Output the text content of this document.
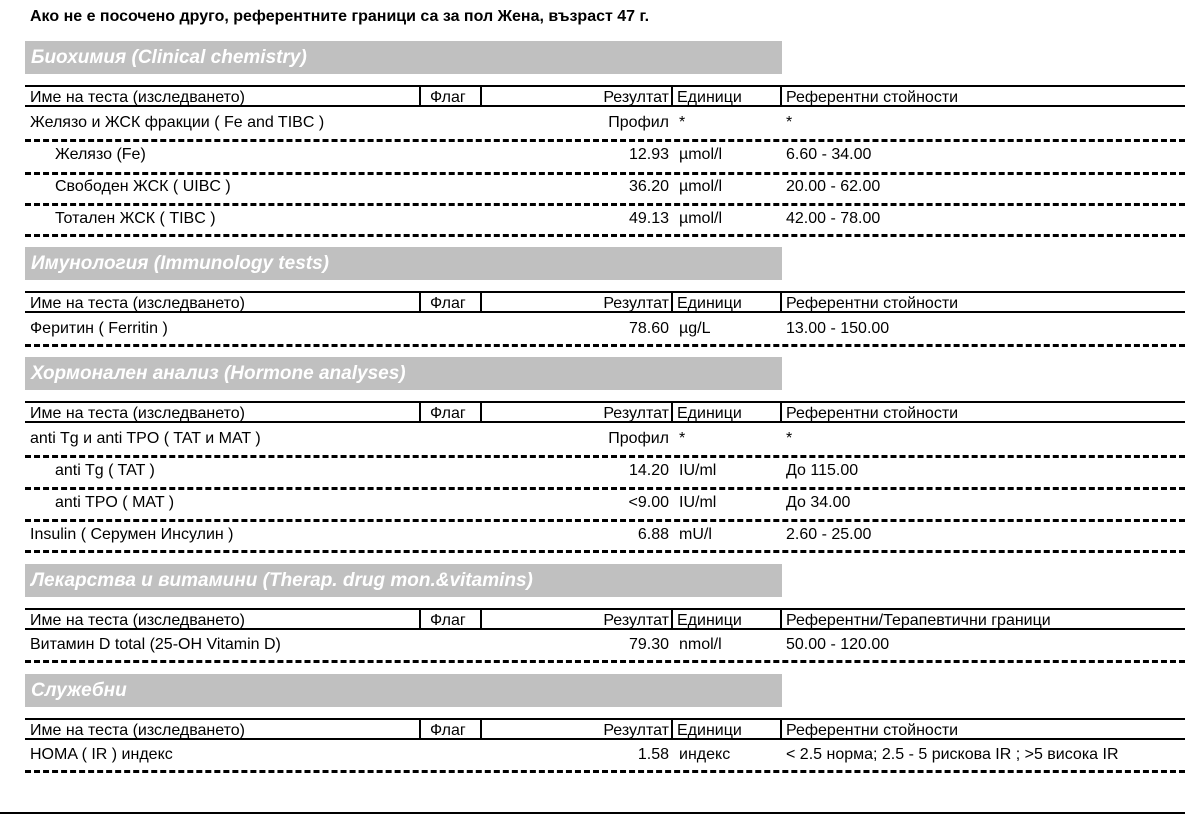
Ако не е посочено друго, референтните граници са за пол Жена, възраст 47 г.
Биохимия (Clinical chemistry)
Име на теста (изследването)	Флаг	Резултат Единици	Референтни стойности
Желязо и ЖСК фракции ( Fe and TIBC )	Профил *	*
Желязо (Fe)	12.93 µmol/l	6.60 - 34.00
Свободен ЖСК ( UIBC )	36.20 µmol/l	20.00 - 62.00
Тотален ЖСК ( TIBC )	49.13 µmol/l	42.00 - 78.00
Имунология (Immunology tests)
Име на теста (изследването)	Флаг	Резултат Единици	Референтни стойности
Феритин ( Ferritin )	78.60 µg/L	13.00 - 150.00
Хормонален анализ (Hormone analyses)
Име на теста (изследването)	Флаг	Резултат Единици	Референтни стойности
anti Tg и anti TPO ( TAT и MAT )	Профил *	*
anti Tg ( TAT )	14.20 IU/ml	До 115.00
anti TPO ( MAT )	<9.00 IU/ml	До 34.00
Insulin ( Серумен Инсулин )	6.88 mU/l	2.60 - 25.00
Лекарства и витамини (Therap. drug mon.&vitamins)
Име на теста (изследването)	Флаг	Резултат Единици	Референтни/Терапевтични граници
Витамин D total (25-OH Vitamin D)	79.30 nmol/l	50.00 - 120.00
Служебни
Име на теста (изследването)	Флаг	Резултат Единици	Референтни стойности
HOMA ( IR ) индекс	1.58 индекс	< 2.5 норма; 2.5 - 5 рискова IR ; >5 висока IR
